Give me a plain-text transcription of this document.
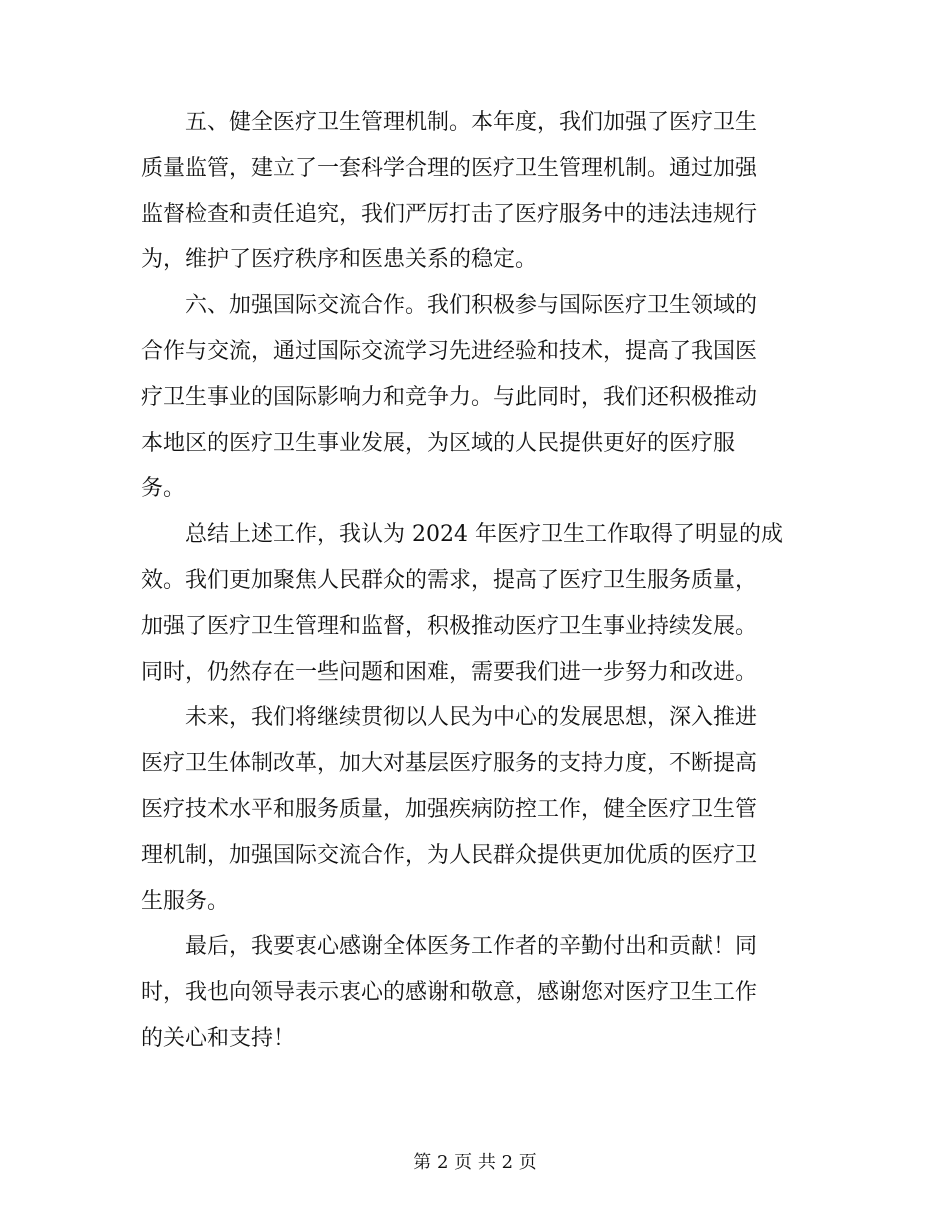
　　五、健全医疗卫生管理机制。本年度，我们加强了医疗卫生
质量监管，建立了一套科学合理的医疗卫生管理机制。通过加强
监督检查和责任追究，我们严厉打击了医疗服务中的违法违规行
为，维护了医疗秩序和医患关系的稳定。
　　六、加强国际交流合作。我们积极参与国际医疗卫生领域的
合作与交流，通过国际交流学习先进经验和技术，提高了我国医
疗卫生事业的国际影响力和竞争力。与此同时，我们还积极推动
本地区的医疗卫生事业发展，为区域的人民提供更好的医疗服
务。
　　总结上述工作，我认为 2024 年医疗卫生工作取得了明显的成
效。我们更加聚焦人民群众的需求，提高了医疗卫生服务质量，
加强了医疗卫生管理和监督，积极推动医疗卫生事业持续发展。
同时，仍然存在一些问题和困难，需要我们进一步努力和改进。
　　未来，我们将继续贯彻以人民为中心的发展思想，深入推进
医疗卫生体制改革，加大对基层医疗服务的支持力度，不断提高
医疗技术水平和服务质量，加强疾病防控工作，健全医疗卫生管
理机制，加强国际交流合作，为人民群众提供更加优质的医疗卫
生服务。
　　最后，我要衷心感谢全体医务工作者的辛勤付出和贡献！同
时，我也向领导表示衷心的感谢和敬意，感谢您对医疗卫生工作
的关心和支持！
第 2 页 共 2 页
